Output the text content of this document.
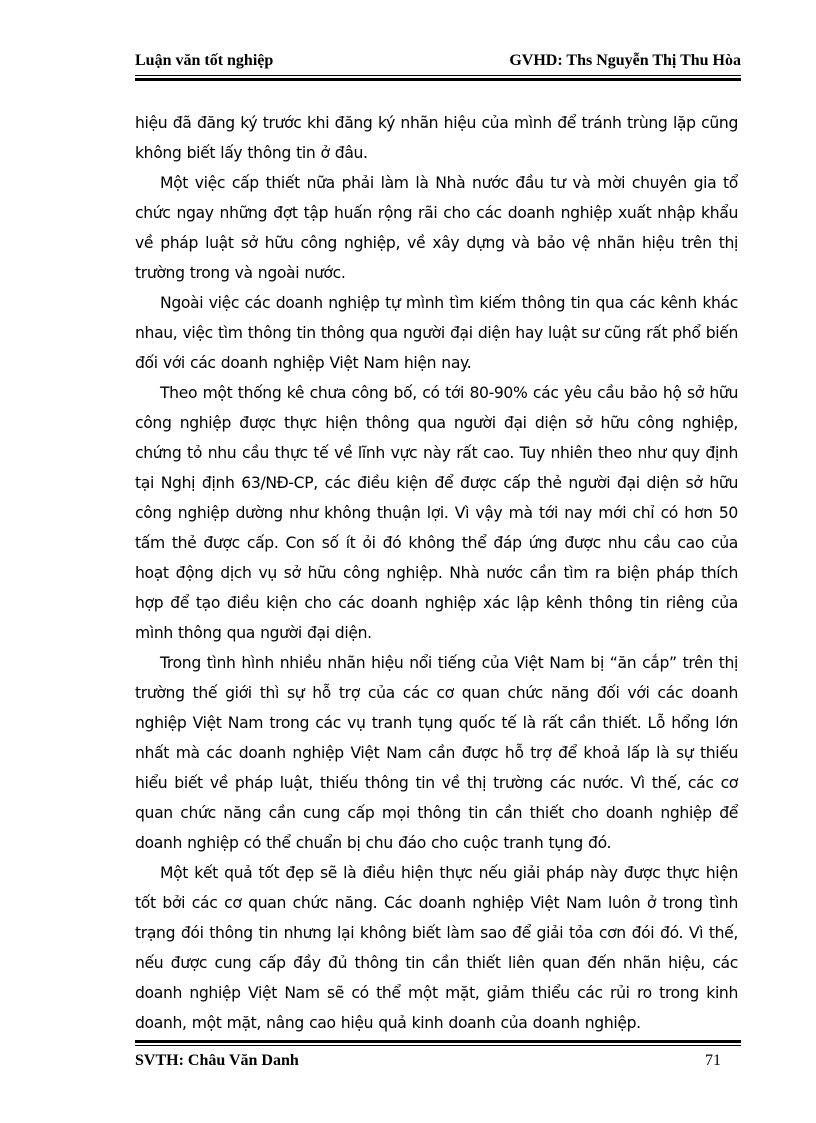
Luận văn tốt nghiệp	GVHD: Ths Nguyễn Thị Thu Hòa

hiệu đã đăng ký trước khi đăng ký nhãn hiệu của mình để tránh trùng lặp cũng không biết lấy thông tin ở đâu.

Một việc cấp thiết nữa phải làm là Nhà nước đầu tư và mời chuyên gia tổ chức ngay những đợt tập huấn rộng rãi cho các doanh nghiệp xuất nhập khẩu về pháp luật sở hữu công nghiệp, về xây dựng và bảo vệ nhãn hiệu trên thị trường trong và ngoài nước.

Ngoài việc các doanh nghiệp tự mình tìm kiếm thông tin qua các kênh khác nhau, việc tìm thông tin thông qua người đại diện hay luật sư cũng rất phổ biến đối với các doanh nghiệp Việt Nam hiện nay.

Theo một thống kê chưa công bố, có tới 80-90% các yêu cầu bảo hộ sở hữu công nghiệp được thực hiện thông qua người đại diện sở hữu công nghiệp, chứng tỏ nhu cầu thực tế về lĩnh vực này rất cao. Tuy nhiên theo như quy định tại Nghị định 63/NĐ-CP, các điều kiện để được cấp thẻ người đại diện sở hữu công nghiệp dường như không thuận lợi. Vì vậy mà tới nay mới chỉ có hơn 50 tấm thẻ được cấp. Con số ít ỏi đó không thể đáp ứng được nhu cầu cao của hoạt động dịch vụ sở hữu công nghiệp. Nhà nước cần tìm ra biện pháp thích hợp để tạo điều kiện cho các doanh nghiệp xác lập kênh thông tin riêng của mình thông qua người đại diện.

Trong tình hình nhiều nhãn hiệu nổi tiếng của Việt Nam bị “ăn cắp” trên thị trường thế giới thì sự hỗ trợ của các cơ quan chức năng đối với các doanh nghiệp Việt Nam trong các vụ tranh tụng quốc tế là rất cần thiết. Lỗ hổng lớn nhất mà các doanh nghiệp Việt Nam cần được hỗ trợ để khoả lấp là sự thiếu hiểu biết về pháp luật, thiếu thông tin về thị trường các nước. Vì thế, các cơ quan chức năng cần cung cấp mọi thông tin cần thiết cho doanh nghiệp để doanh nghiệp có thể chuẩn bị chu đáo cho cuộc tranh tụng đó.

Một kết quả tốt đẹp sẽ là điều hiện thực nếu giải pháp này được thực hiện tốt bởi các cơ quan chức năng. Các doanh nghiệp Việt Nam luôn ở trong tình trạng đói thông tin nhưng lại không biết làm sao để giải tỏa cơn đói đó. Vì thế, nếu được cung cấp đầy đủ thông tin cần thiết liên quan đến nhãn hiệu, các doanh nghiệp Việt Nam sẽ có thể một mặt, giảm thiểu các rủi ro trong kinh doanh, một mặt, nâng cao hiệu quả kinh doanh của doanh nghiệp.

SVTH: Châu Văn Danh	71
